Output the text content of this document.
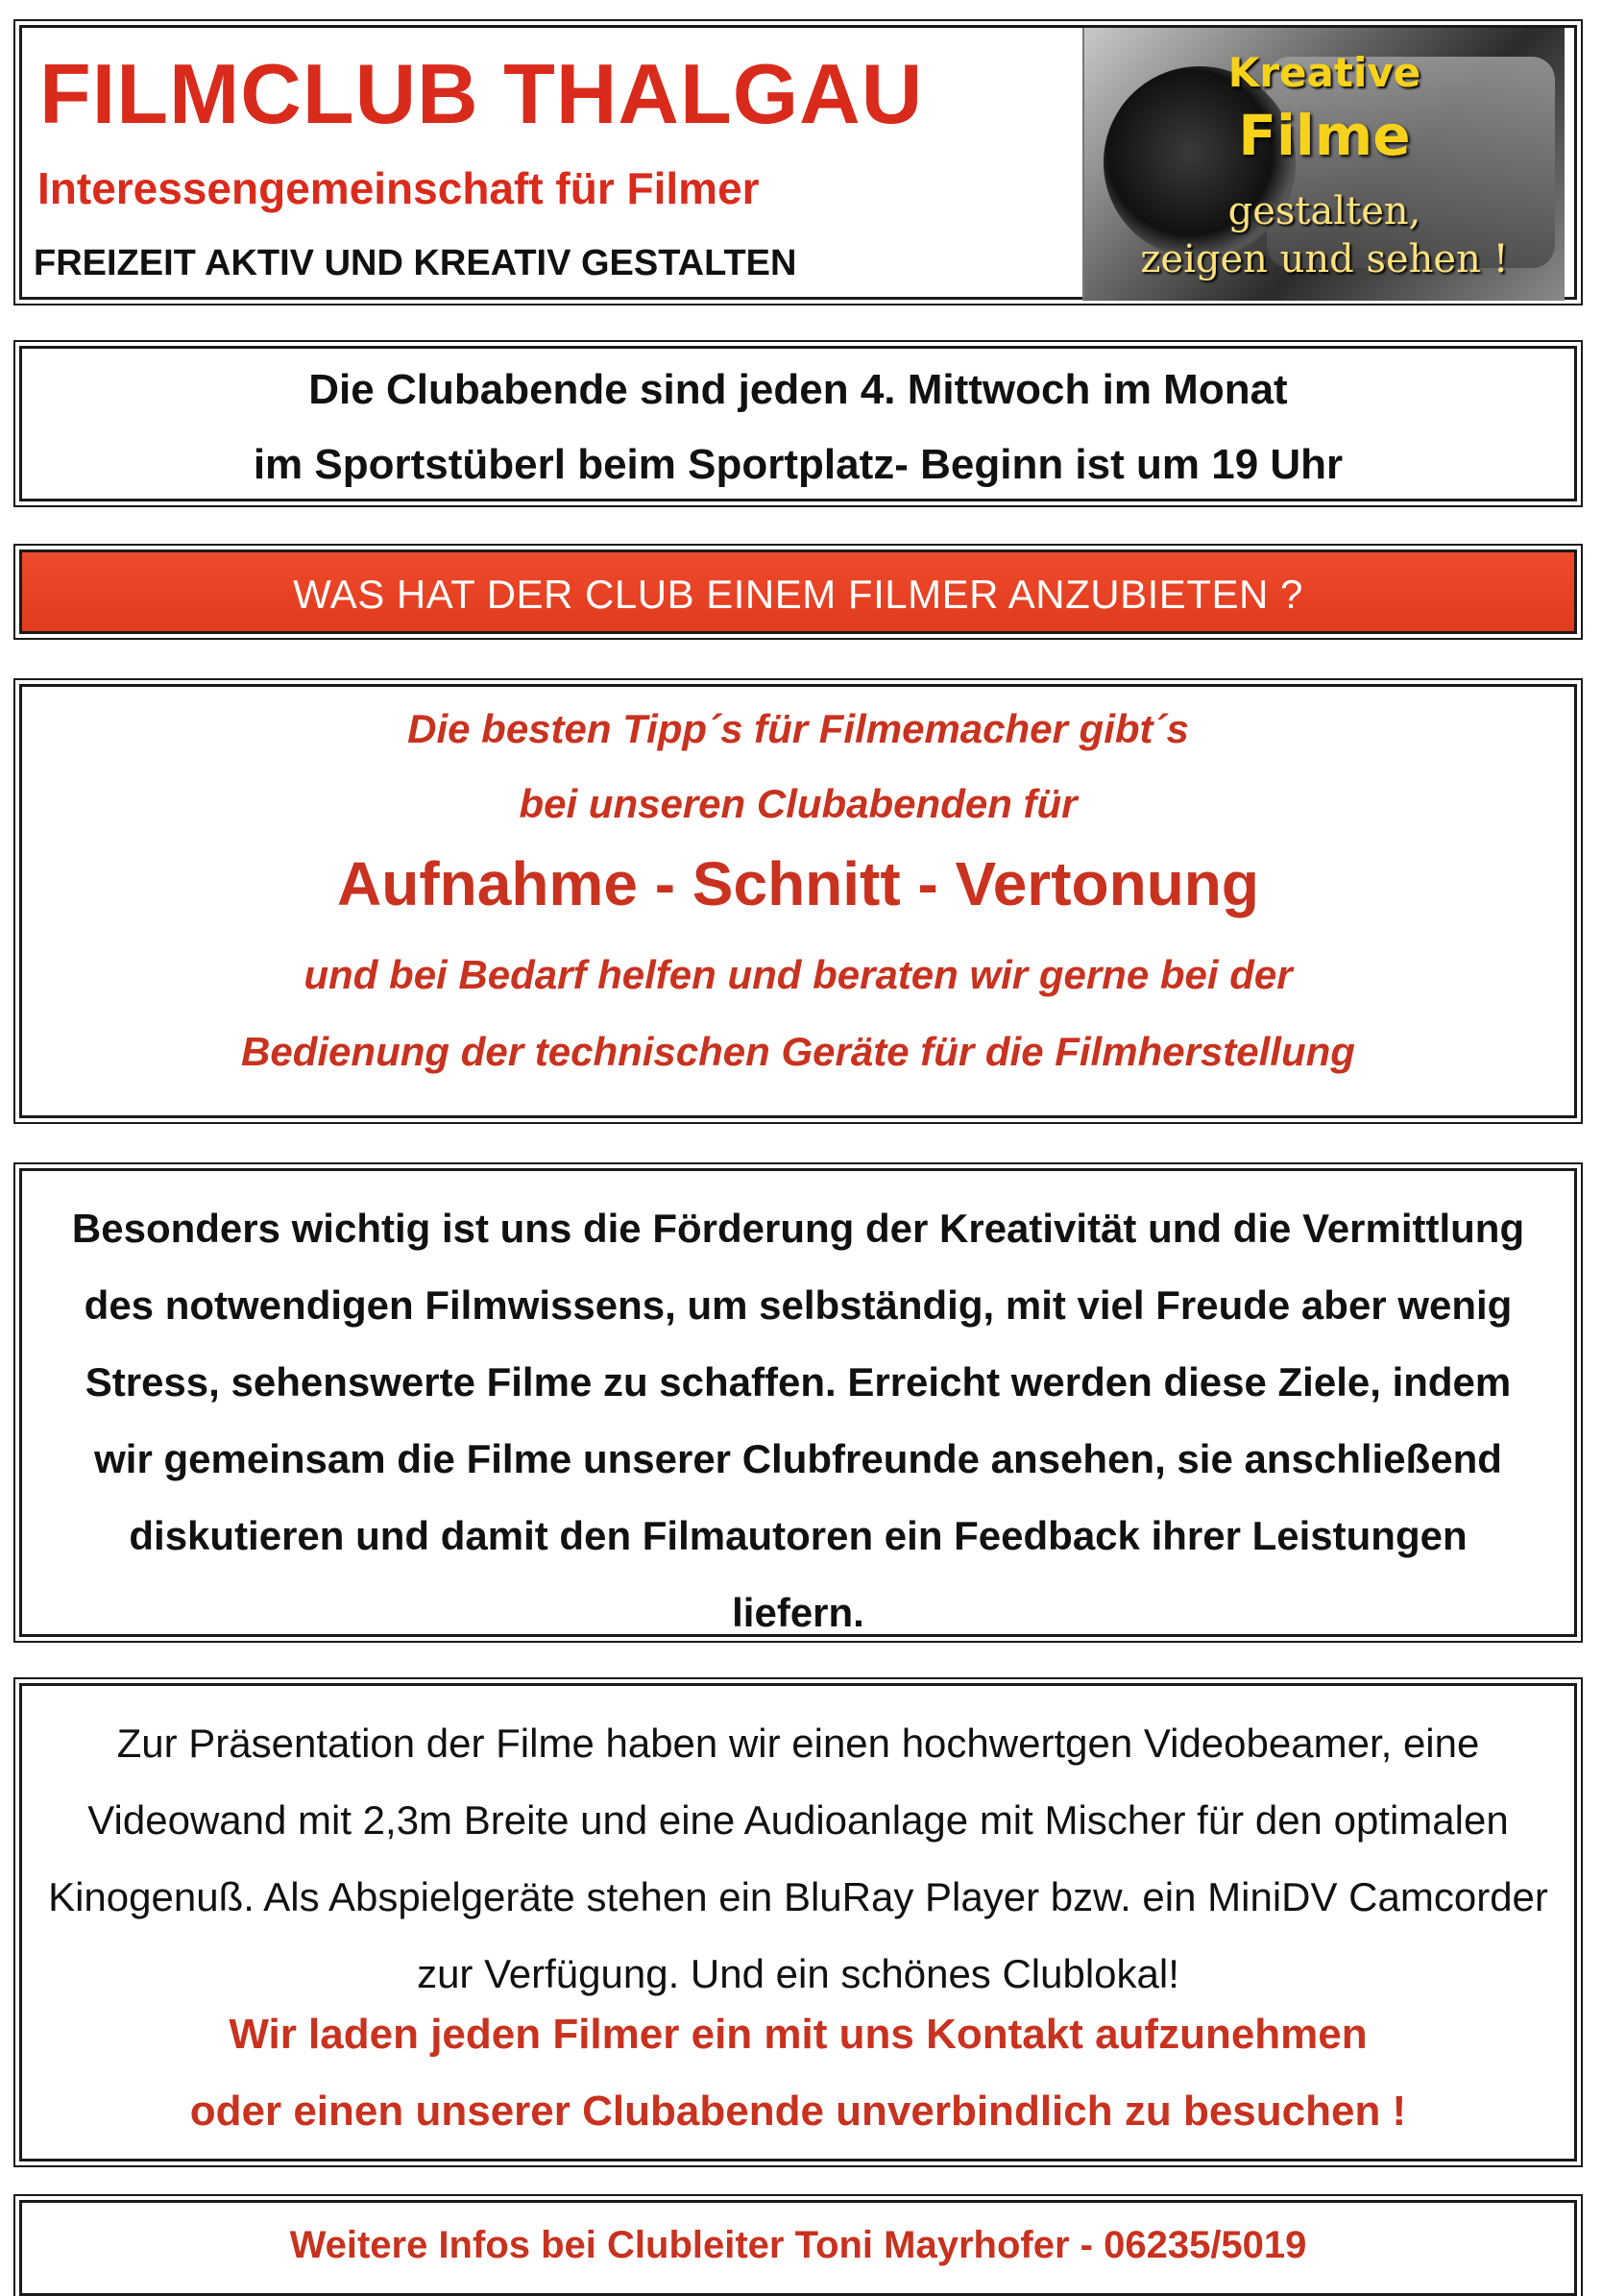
FILMCLUB THALGAU
Interessengemeinschaft für Filmer
FREIZEIT AKTIV UND KREATIV GESTALTEN
Kreative
Filme
gestalten,
zeigen und sehen !
Die Clubabende sind jeden 4. Mittwoch im Monat
im Sportstüberl beim Sportplatz- Beginn ist um 19 Uhr
WAS HAT DER CLUB EINEM FILMER ANZUBIETEN ?
Die besten Tipp´s für Filmemacher gibt´s
bei unseren Clubabenden für
Aufnahme - Schnitt - Vertonung
und bei Bedarf helfen und beraten wir gerne bei der
Bedienung der technischen Geräte für die Filmherstellung
Besonders wichtig ist uns die Förderung der Kreativität und die Vermittlung des notwendigen Filmwissens, um selbständig, mit viel Freude aber wenig Stress, sehenswerte Filme zu schaffen. Erreicht werden diese Ziele, indem wir gemeinsam die Filme unserer Clubfreunde ansehen, sie anschließend diskutieren und damit den Filmautoren ein Feedback ihrer Leistungen liefern.
Zur Präsentation der Filme haben wir einen hochwertgen Videobeamer, eine Videowand mit 2,3m Breite und eine Audioanlage mit Mischer für den optimalen Kinogenuß. Als Abspielgeräte stehen ein BluRay Player bzw. ein MiniDV Camcorder zur Verfügung. Und ein schönes Clublokal!
Wir laden jeden Filmer ein mit uns Kontakt aufzunehmen
oder einen unserer Clubabende unverbindlich zu besuchen !
Weitere Infos bei Clubleiter Toni Mayrhofer - 06235/5019
